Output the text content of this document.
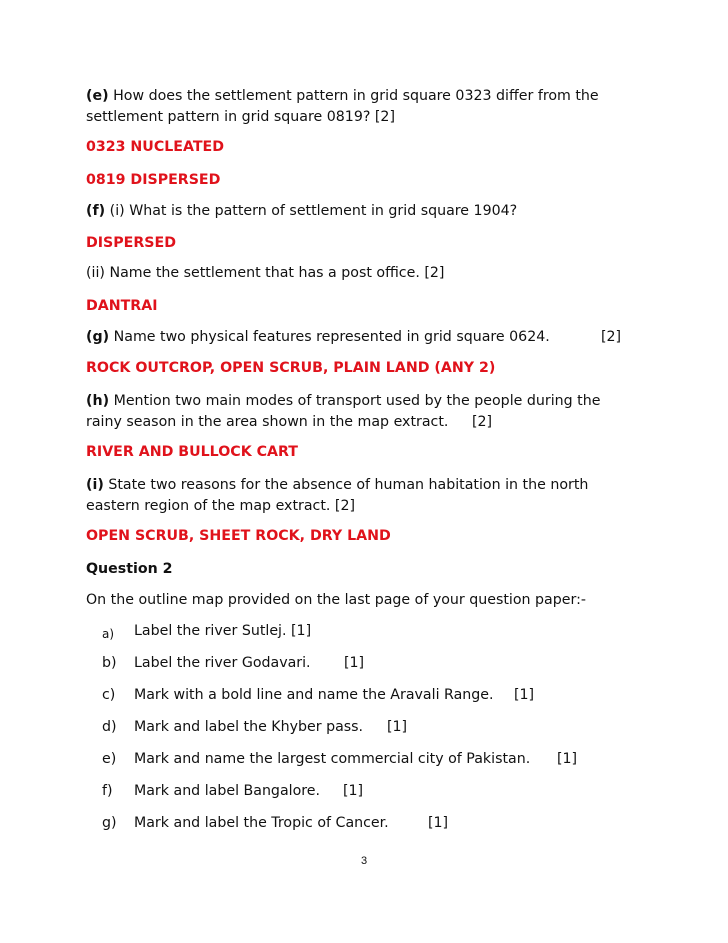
(e) How does the settlement pattern in grid square 0323 differ from the

settlement pattern in grid square 0819? [2]

0323 NUCLEATED

0819 DISPERSED

(f) (i) What is the pattern of settlement in grid square 1904?

DISPERSED

(ii) Name the settlement that has a post office. [2]

DANTRAI

(g) Name two physical features represented in grid square 0624.	[2]

ROCK OUTCROP, OPEN SCRUB, PLAIN LAND (ANY 2)

(h) Mention two main modes of transport used by the people during the

rainy season in the area shown in the map extract. [2]

RIVER AND BULLOCK CART

(i) State two reasons for the absence of human habitation in the north

eastern region of the map extract. [2]

OPEN SCRUB, SHEET ROCK, DRY LAND

Question 2

On the outline map provided on the last page of your question paper:-

a) Label the river Sutlej. [1]
b) Label the river Godavari. [1]
c) Mark with a bold line and name the Aravali Range. [1]
d) Mark and label the Khyber pass. [1]
e) Mark and name the largest commercial city of Pakistan. [1]
f) Mark and label Bangalore. [1]
g) Mark and label the Tropic of Cancer.	[1]
3
